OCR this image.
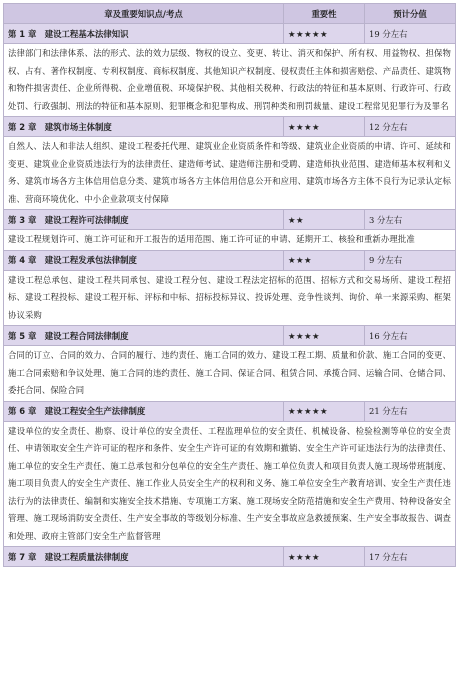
章及重要知识点/考点	重要性	预计分值
第 1 章　建设工程基本法律知识	★★★★★	19 分左右
法律部门和法律体系、法的形式、法的效力层级、物权的设立、变更、转让、消灭和保护、所有权、用益物权、担保物权、占有、著作权制度、专利权制度、商标权制度、其他知识产权制度、侵权责任主体和损害赔偿、产品责任、建筑物和物件损害责任、企业所得税、企业增值税、环境保护税、其他相关税种、行政法的特征和基本原则、行政许可、行政处罚、行政强制、刑法的特征和基本原则、犯罪概念和犯罪构成、刑罚种类和刑罚裁量、建设工程常见犯罪行为及罪名		
第 2 章　建筑市场主体制度	★★★★	12 分左右
自然人、法人和非法人组织、建设工程委托代理、建筑业企业资质条件和等级、建筑业企业资质的申请、许可、延续和变更、建筑业企业资质违法行为的法律责任、建造师考试、建造师注册和受聘、建造师执业范围、建造师基本权利和义务、建筑市场各方主体信用信息分类、建筑市场各方主体信用信息公开和应用、建筑市场各方主体不良行为记录认定标准、营商环境优化、中小企业款项支付保障		
第 3 章　建设工程许可法律制度	★★	3 分左右
建设工程规划许可、施工许可证和开工报告的适用范围、施工许可证的申请、延期开工、核验和重新办理批准		
第 4 章　建设工程发承包法律制度	★★★	9 分左右
建设工程总承包、建设工程共同承包、建设工程分包、建设工程法定招标的范围、招标方式和交易场所、建设工程招标、建设工程投标、建设工程开标、评标和中标、招标投标异议、投诉处理、竞争性谈判、询价、单一来源采购、框架协议采购		
第 5 章　建设工程合同法律制度	★★★★	16 分左右
合同的订立、合同的效力、合同的履行、违约责任、施工合同的效力、建设工程工期、质量和价款、施工合同的变更、施工合同索赔和争议处理、施工合同的违约责任、施工合同、保证合同、租赁合同、承揽合同、运输合同、仓储合同、委托合同、保险合同		
第 6 章　建设工程安全生产法律制度	★★★★★	21 分左右
建设单位的安全责任、勘察、设计单位的安全责任、工程监理单位的安全责任、机械设备、检验检测等单位的安全责任、申请领取安全生产许可证的程序和条件、安全生产许可证的有效期和撤销、安全生产许可证违法行为的法律责任、施工单位的安全生产责任、施工总承包和分包单位的安全生产责任、施工单位负责人和项目负责人施工现场带班制度、施工项目负责人的安全生产责任、施工作业人员安全生产的权利和义务、施工单位安全生产教育培训、安全生产责任违法行为的法律责任、编制和实施安全技术措施、专项施工方案、施工现场安全防范措施和安全生产费用、特种设备安全管理、施工现场消防安全责任、生产安全事故的等级划分标准、生产安全事故应急救援预案、生产安全事故报告、调查和处理、政府主管部门安全生产监督管理		
第 7 章　建设工程质量法律制度	★★★★	17 分左右
